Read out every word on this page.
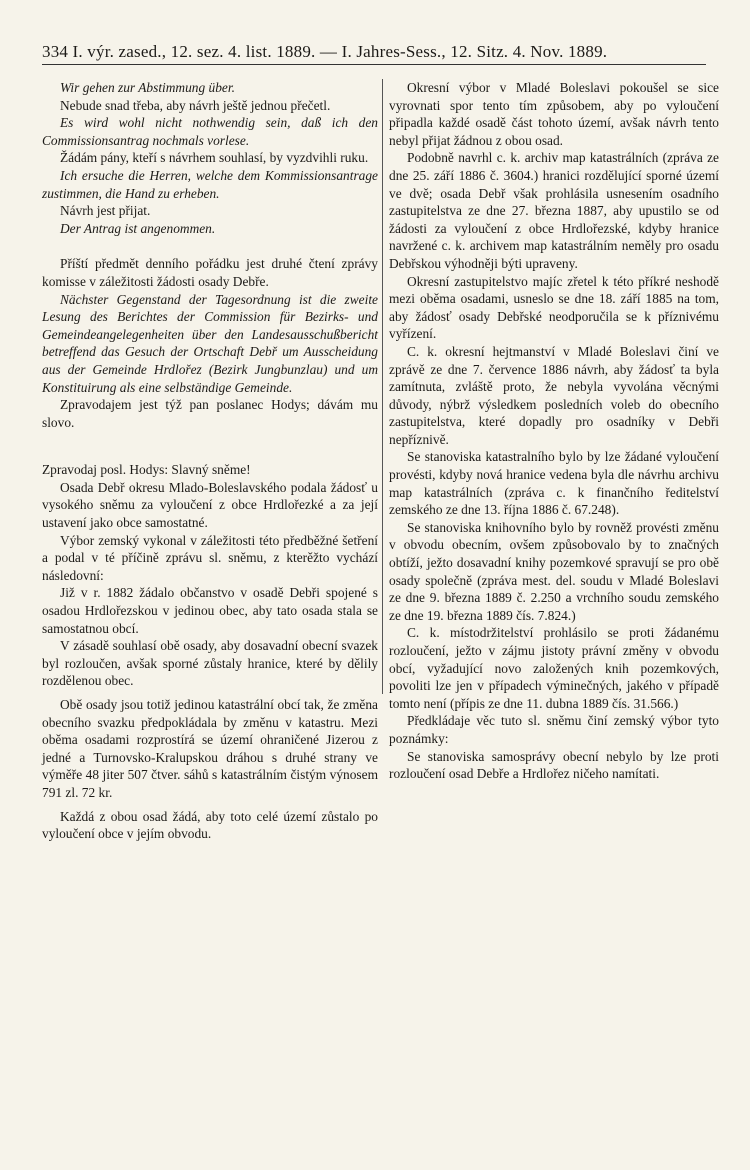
334 I. výr. zased., 12. sez. 4. list. 1889. — I. Jahres-Sess., 12. Sitz. 4. Nov. 1889.

Wir gehen zur Abstimmung über.

Nebude snad třeba, aby návrh ještě jednou přečetl.

Es wird wohl nicht nothwendig sein, daß ich den Commissionsantrag nochmals vorlese.

Žádám pány, kteří s návrhem souhlasí, by vyzdvihli ruku.

Ich ersuche die Herren, welche dem Kommissionsantrage zustimmen, die Hand zu erheben.

Návrh jest přijat.

Der Antrag ist angenommen.

Příští předmět denního pořádku jest druhé čtení zprávy komisse v záležitosti žádosti osady Debře.

Nächster Gegenstand der Tagesordnung ist die zweite Lesung des Berichtes der Commission für Bezirks- und Gemeindeangelegenheiten über den Landesausschußbericht betreffend das Gesuch der Ortschaft Debř um Ausscheidung aus der Gemeinde Hrdlořez (Bezirk Jungbunzlau) und um Konstituirung als eine selbständige Gemeinde.

Zpravodajem jest týž pan poslanec Hodys; dávám mu slovo.

Zpravodaj posl. Hodys: Slavný sněme!

Osada Debř okresu Mlado-Boleslavského podala žádosť u vysokého sněmu za vyloučení z obce Hrdlořezké a za její ustavení jako obce samostatné.

Výbor zemský vykonal v záležitosti této předběžné šetření a podal v té příčině zprávu sl. sněmu, z kterěžto vychází následovní:

Již v r. 1882 žádalo občanstvo v osadě Debři spojené s osadou Hrdlořezskou v jedinou obec, aby tato osada stala se samostatnou obcí.

V zásadě souhlasí obě osady, aby dosavadní obecní svazek byl rozloučen, avšak sporné zůstaly hranice, které by dělily rozdělenou obec.

Obě osady jsou totiž jedinou katastrální obcí tak, že změna obecního svazku předpokládala by změnu v katastru. Mezi oběma osadami rozprostírá se území ohraničené Jizerou z jedné a Turnovsko-Kralupskou dráhou s druhé strany ve výměře 48 jiter 507 čtver. sáhů s katastrálním čistým výnosem 791 zl. 72 kr.

Každá z obou osad žádá, aby toto celé území zůstalo po vyloučení obce v jejím obvodu.

Okresní výbor v Mladé Boleslavi pokoušel se sice vyrovnati spor tento tím způsobem, aby po vyloučení připadla každé osadě část tohoto území, avšak návrh tento nebyl přijat žádnou z obou osad.

Podobně navrhl c. k. archiv map katastrálních (zpráva ze dne 25. září 1886 č. 3604.) hranici rozdělující sporné území ve dvě; osada Debř však prohlásila usnesením osadního zastupitelstva ze dne 27. března 1887, aby upustilo se od žádosti za vyloučení z obce Hrdlořezské, kdyby hranice navržené c. k. archivem map katastrálním neměly pro osadu Debřskou výhodněji býti upraveny.

Okresní zastupitelstvo majíc zřetel k této příkré neshodě mezi oběma osadami, usneslo se dne 18. září 1885 na tom, aby žádosť osady Debřské neodporučila se k příznivému vyřízení.

C. k. okresní hejtmanství v Mladé Boleslavi činí ve zprávě ze dne 7. července 1886 návrh, aby žádosť ta byla zamítnuta, zvláště proto, že nebyla vyvolána věcnými důvody, nýbrž výsledkem posledních voleb do obecního zastupitelstva, které dopadly pro osadníky v Debři nepříznivě.

Se stanoviska katastralního bylo by lze žádané vyloučení provésti, kdyby nová hranice vedena byla dle návrhu archivu map katastrálních (zpráva c. k finančního ředitelství zemského ze dne 13. října 1886 č. 67.248).

Se stanoviska knihovního bylo by rovněž provésti změnu v obvodu obecním, ovšem způsobovalo by to značných obtíží, ježto dosavadní knihy pozemkové spravují se pro obě osady společně (zpráva mest. del. soudu v Mladé Boleslavi ze dne 9. března 1889 č. 2.250 a vrchního soudu zemského ze dne 19. března 1889 čís. 7.824.)

C. k. místodržitelství prohlásilo se proti žádanému rozloučení, ježto v zájmu jistoty právní změny v obvodu obcí, vyžadující novo založených knih pozemkových, povoliti lze jen v případech výminečných, jakého v případě tomto není (přípis ze dne 11. dubna 1889 čís. 31.566.)

Předkládaje věc tuto sl. sněmu činí zemský výbor tyto poznámky:

Se stanoviska samosprávy obecní nebylo by lze proti rozloučení osad Debře a Hrdlořez ničeho namítati.
